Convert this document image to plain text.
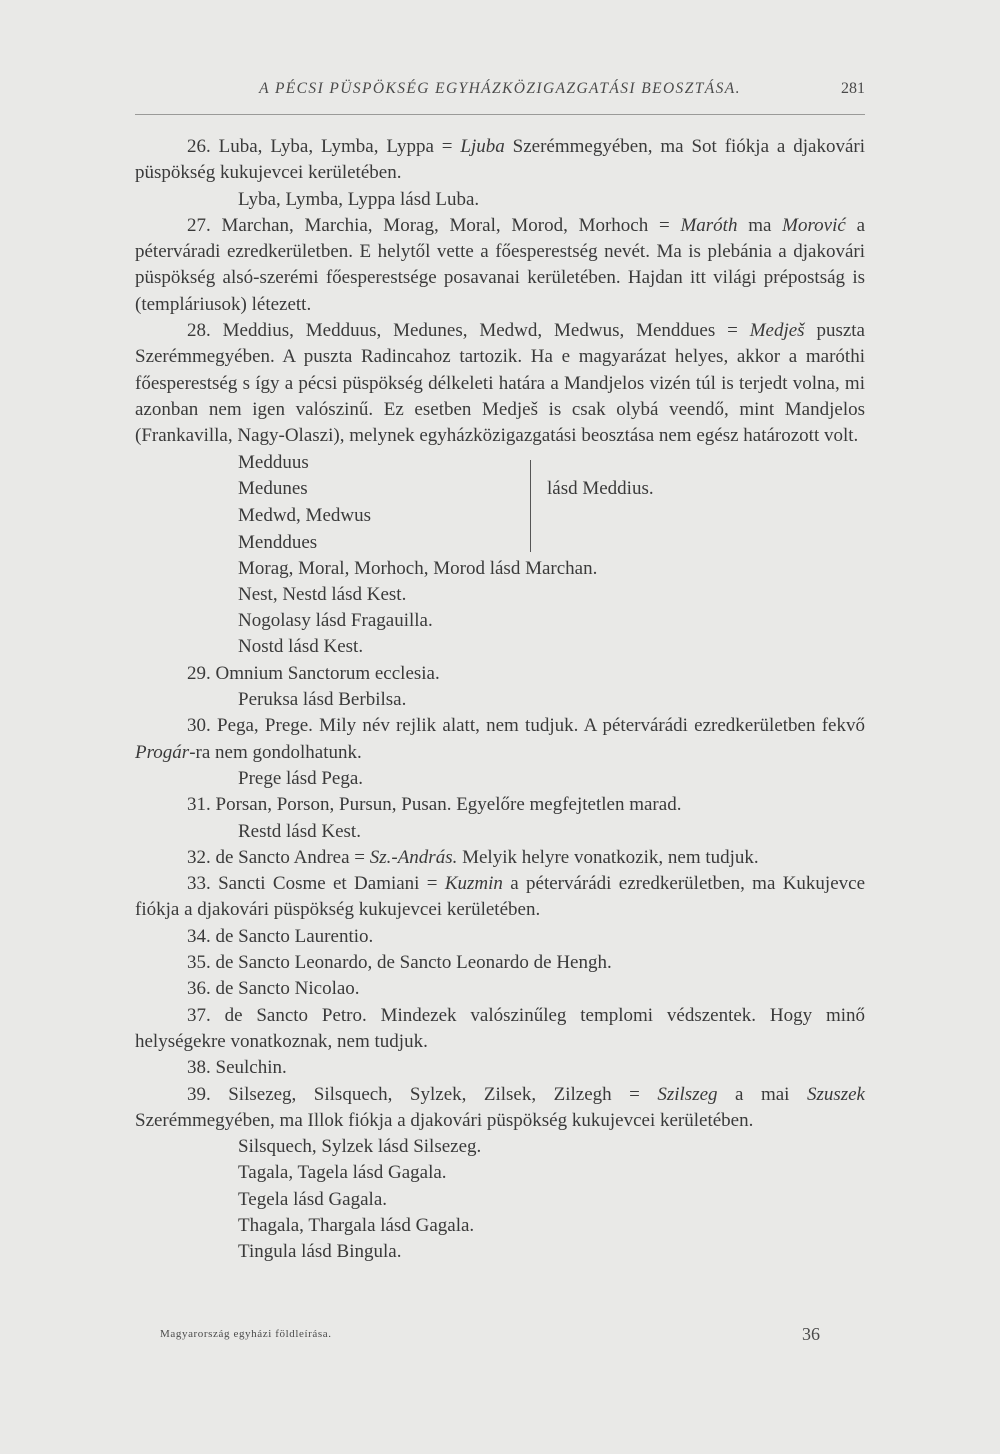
A PÉCSI PÜSPÖKSÉG EGYHÁZKÖZIGAZGATÁSI BEOSZTÁSA.	281

26. Luba, Lyba, Lymba, Lyppa = Ljuba Szerémmegyében, ma Sot fiókja a djakovári püspökség kukujevcei kerületében.

Lyba, Lymba, Lyppa lásd Luba.

27. Marchan, Marchia, Morag, Moral, Morod, Morhoch = Maróth ma Morović a péterváradi ezredkerületben. E helytől vette a főesperestség nevét. Ma is plebánia a djakovári püspökség alsó-szerémi főesperestsége posavanai kerületében. Hajdan itt világi prépostság is (templáriusok) létezett.

28. Meddius, Medduus, Medunes, Medwd, Medwus, Menddues = Medješ puszta Szerémmegyében. A puszta Radincahoz tartozik. Ha e magyarázat helyes, akkor a maróthi főesperestség s így a pécsi püspökség délkeleti határa a Mandjelos vizén túl is terjedt volna, mi azonban nem igen valószinű. Ez esetben Medješ is csak olybá veendő, mint Mandjelos (Frankavilla, Nagy-Olaszi), melynek egyházközigazgatási beosztása nem egész határozott volt.

Medduus
Medunes
Medwd, Medwus
Menddues
lásd Meddius.

Morag, Moral, Morhoch, Morod lásd Marchan.

Nest, Nestd lásd Kest.

Nogolasy lásd Fragauilla.

Nostd lásd Kest.

29. Omnium Sanctorum ecclesia.

Peruksa lásd Berbilsa.

30. Pega, Prege. Mily név rejlik alatt, nem tudjuk. A pétervárádi ezredkerületben fekvő Progár-ra nem gondolhatunk.

Prege lásd Pega.

31. Porsan, Porson, Pursun, Pusan. Egyelőre megfejtetlen marad.

Restd lásd Kest.

32. de Sancto Andrea = Sz.-András. Melyik helyre vonatkozik, nem tudjuk.

33. Sancti Cosme et Damiani = Kuzmin a pétervárádi ezredkerületben, ma Kukujevce fiókja a djakovári püspökség kukujevcei kerületében.

34. de Sancto Laurentio.

35. de Sancto Leonardo, de Sancto Leonardo de Hengh.

36. de Sancto Nicolao.

37. de Sancto Petro. Mindezek valószinűleg templomi védszentek. Hogy minő helységekre vonatkoznak, nem tudjuk.

38. Seulchin.

39. Silsezeg, Silsquech, Sylzek, Zilsek, Zilzegh = Szilszeg a mai Szuszek Szerémmegyében, ma Illok fiókja a djakovári püspökség kukujevcei kerületében.

Silsquech, Sylzek lásd Silsezeg.

Tagala, Tagela lásd Gagala.

Tegela lásd Gagala.

Thagala, Thargala lásd Gagala.

Tingula lásd Bingula.

Magyarország egyházi földleírása.	36
